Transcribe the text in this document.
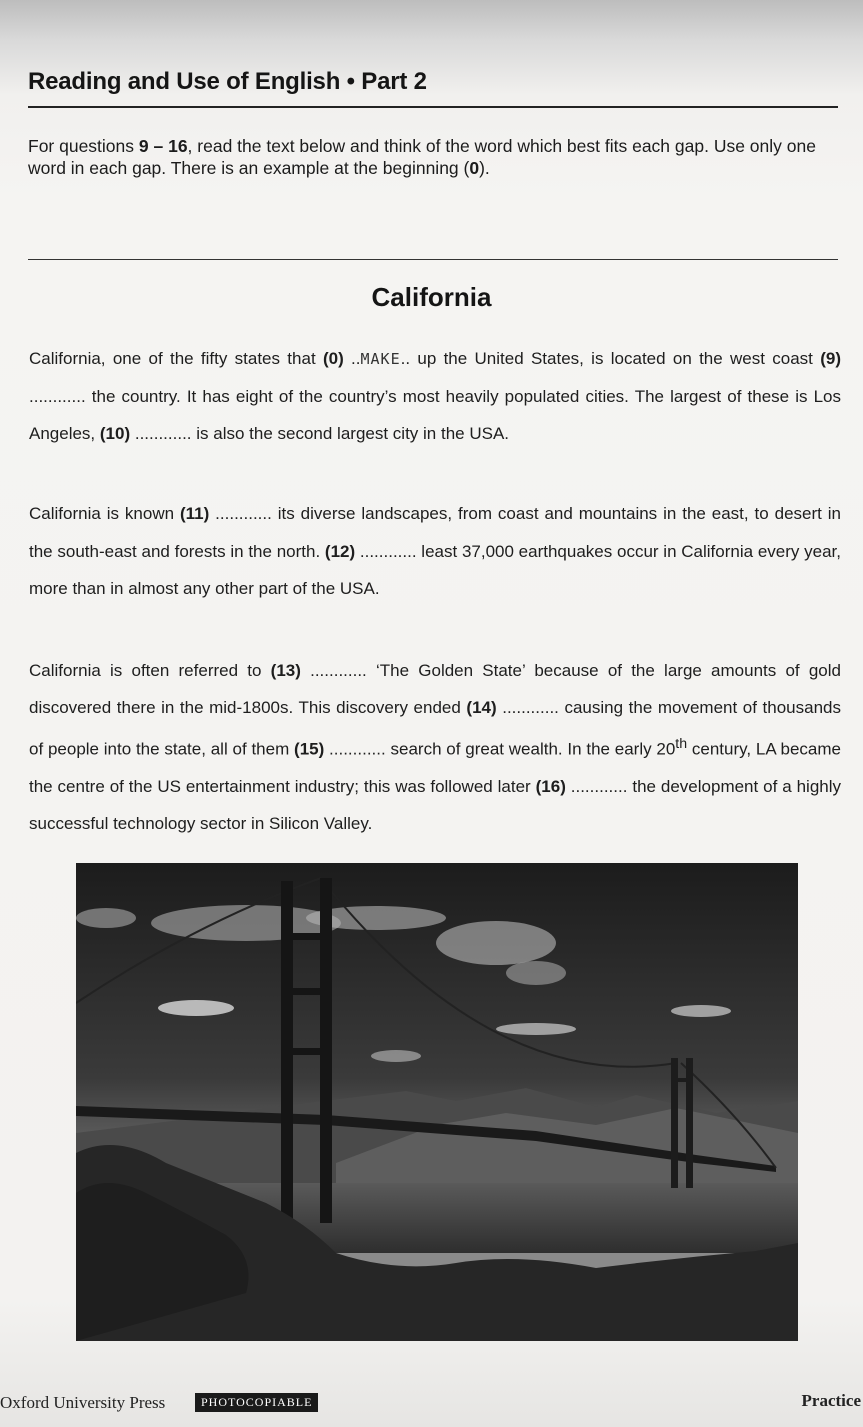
Reading and Use of English • Part 2
For questions 9 – 16, read the text below and think of the word which best fits each gap. Use only one word in each gap. There is an example at the beginning (0).
California
California, one of the fifty states that (0) ..MAKE.. up the United States, is located on the west coast (9) ............ the country. It has eight of the country’s most heavily populated cities. The largest of these is Los Angeles, (10) ............ is also the second largest city in the USA.
California is known (11) ............ its diverse landscapes, from coast and mountains in the east, to desert in the south-east and forests in the north. (12) ............ least 37,000 earthquakes occur in California every year, more than in almost any other part of the USA.
California is often referred to (13) ............ ‘The Golden State’ because of the large amounts of gold discovered there in the mid-1800s. This discovery ended (14) ............ causing the movement of thousands of people into the state, all of them (15) ............ search of great wealth. In the early 20th century, LA became the centre of the US entertainment industry; this was followed later (16) ............ the development of a highly successful technology sector in Silicon Valley.
Oxford University Press	PHOTOCOPIABLE	Practice
